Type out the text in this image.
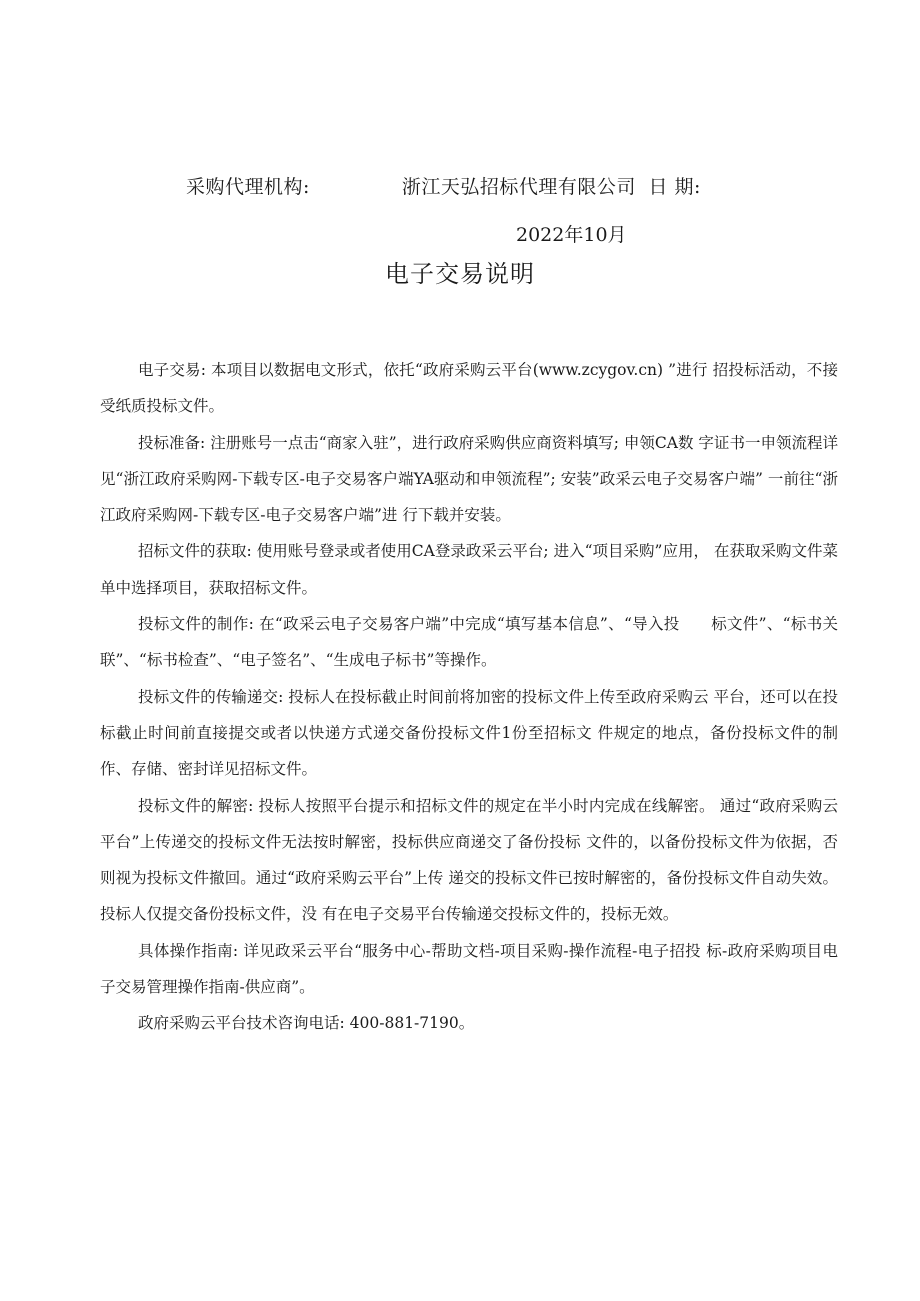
采购代理机构:	浙江天弘招标代理有限公司 日 期:
2022年10月
电子交易说明

电子交易: 本项目以数据电文形式，依托“政府采购云平台(www.zcygov.cn) ”进行 招投标活动，不接受纸质投标文件。

投标准备: 注册账号一点击“商家入驻”，进行政府采购供应商资料填写; 申领CA数 字证书一申领流程详见“浙江政府采购网-下载专区-电子交易客户端YA驱动和申领流程”; 安装”政采云电子交易客户端” 一前往“浙江政府采购网-下载专区-电子交易客户端”进 行下载并安装。

招标文件的获取: 使用账号登录或者使用CA登录政采云平台; 进入“项目采购”应用， 在获取采购文件菜单中选择项目，获取招标文件。

投标文件的制作: 在“政采云电子交易客户端”中完成“填写基本信息”、“导入投　　标文件”、“标书关联”、“标书检查”、“电子签名”、“生成电子标书”等操作。

投标文件的传输递交: 投标人在投标截止时间前将加密的投标文件上传至政府采购云 平台，还可以在投标截止时间前直接提交或者以快递方式递交备份投标文件1份至招标文 件规定的地点，备份投标文件的制作、存储、密封详见招标文件。

投标文件的解密: 投标人按照平台提示和招标文件的规定在半小时内完成在线解密。 通过“政府采购云平台”上传递交的投标文件无法按时解密，投标供应商递交了备份投标 文件的，以备份投标文件为依据，否则视为投标文件撤回。通过“政府采购云平台”上传 递交的投标文件已按时解密的，备份投标文件自动失效。投标人仅提交备份投标文件，没 有在电子交易平台传输递交投标文件的，投标无效。

具体操作指南: 详见政采云平台“服务中心-帮助文档-项目采购-操作流程-电子招投 标-政府采购项目电子交易管理操作指南-供应商”。

政府采购云平台技术咨询电话: 400-881-7190。
